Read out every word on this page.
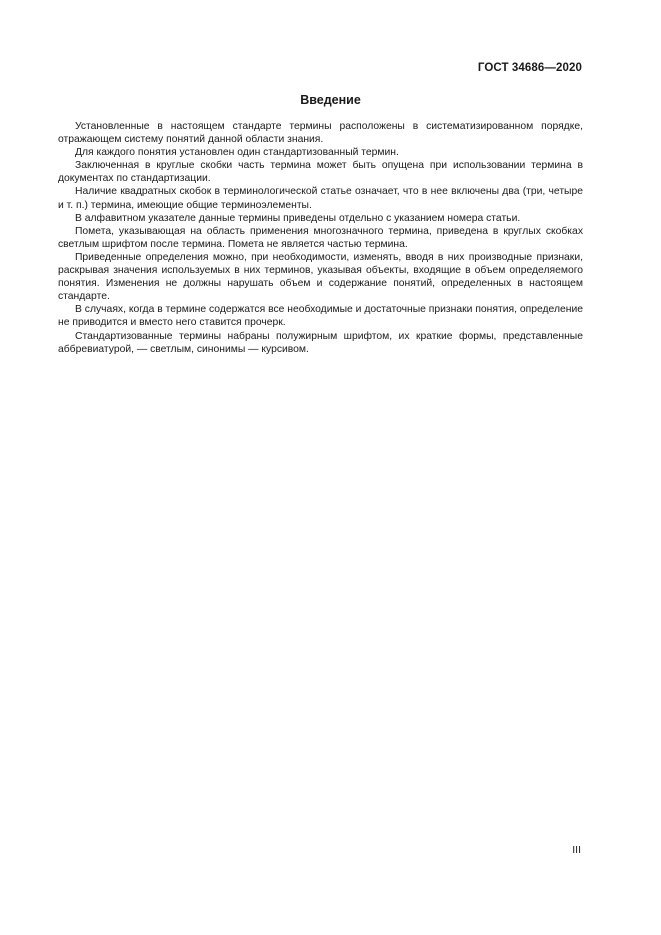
ГОСТ 34686—2020
Введение

Установленные в настоящем стандарте термины расположены в систематизированном порядке, отражающем систему понятий данной области знания.

Для каждого понятия установлен один стандартизованный термин.

Заключенная в круглые скобки часть термина может быть опущена при использовании термина в документах по стандартизации.

Наличие квадратных скобок в терминологической статье означает, что в нее включены два (три, четыре и т. п.) термина, имеющие общие терминоэлементы.

В алфавитном указателе данные термины приведены отдельно с указанием номера статьи.

Помета, указывающая на область применения многозначного термина, приведена в круглых скобках светлым шрифтом после термина. Помета не является частью термина.

Приведенные определения можно, при необходимости, изменять, вводя в них производные признаки, раскрывая значения используемых в них терминов, указывая объекты, входящие в объем определяемого понятия. Изменения не должны нарушать объем и содержание понятий, определенных в настоящем стандарте.

В случаях, когда в термине содержатся все необходимые и достаточные признаки понятия, определение не приводится и вместо него ставится прочерк.

Стандартизованные термины набраны полужирным шрифтом, их краткие формы, представленные аббревиатурой, — светлым, синонимы — курсивом.

III
